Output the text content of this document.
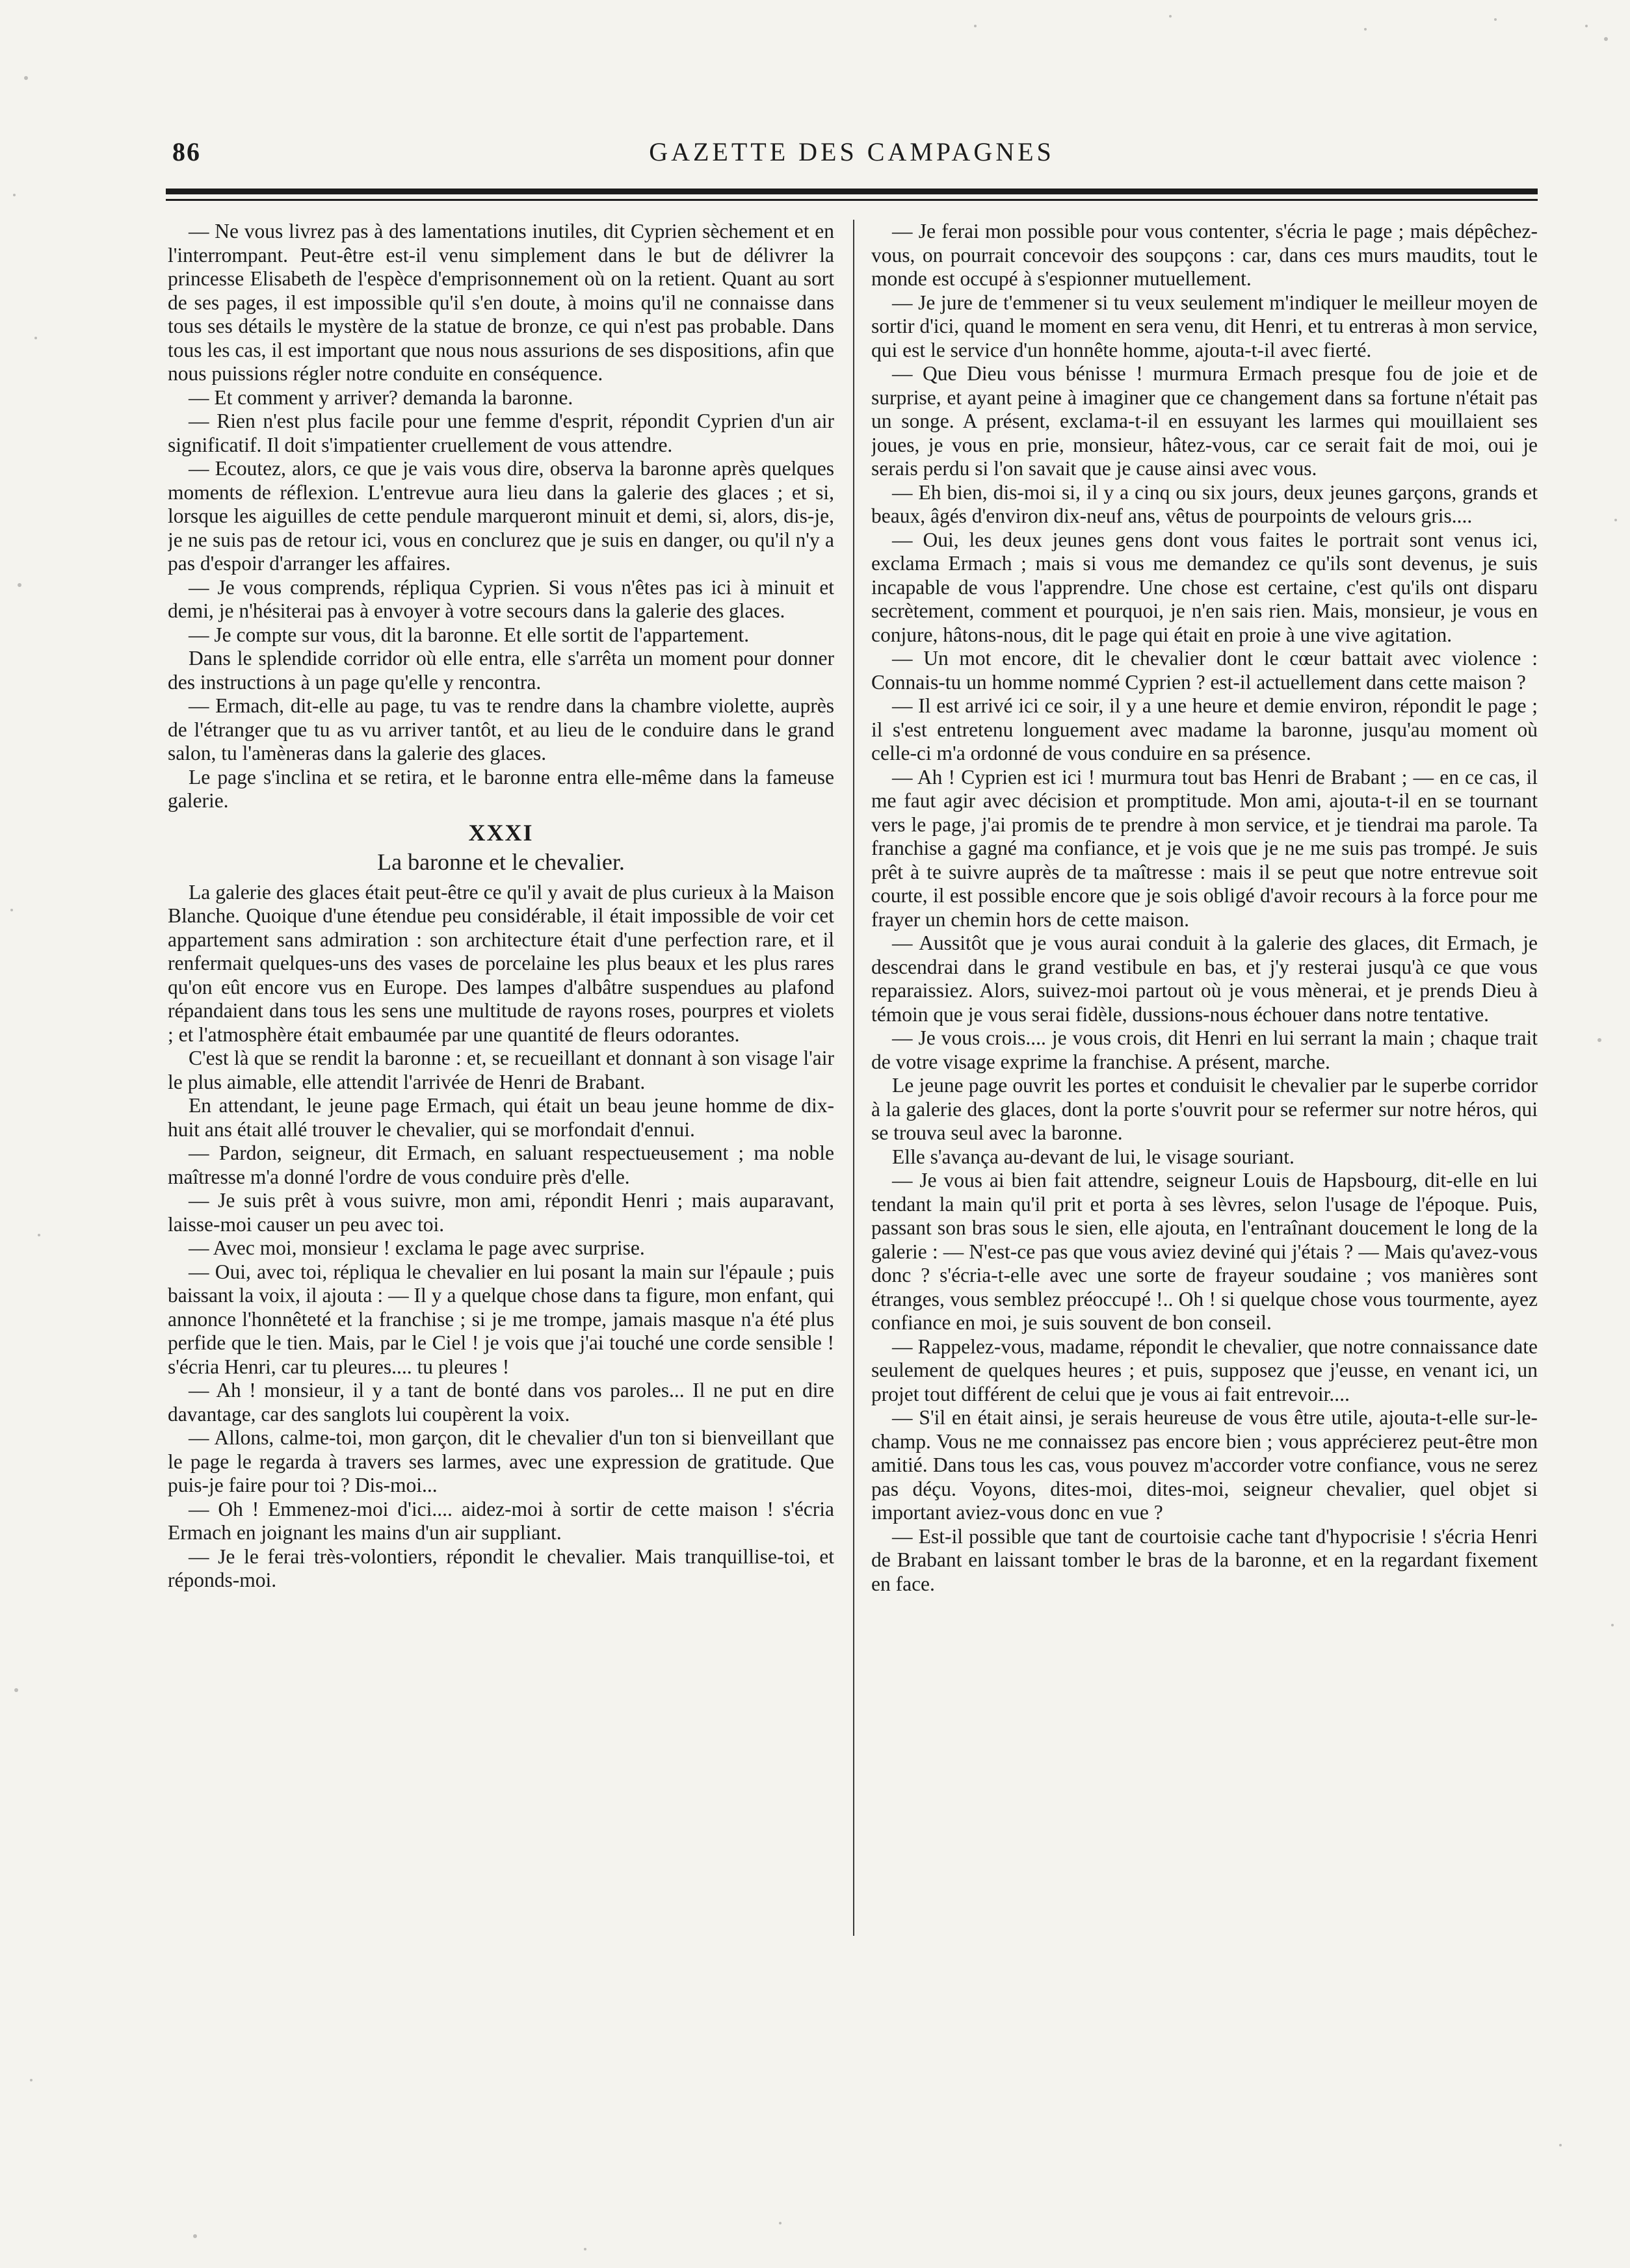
86	GAZETTE DES CAMPAGNES

— Ne vous livrez pas à des lamentations inutiles, dit Cyprien sèchement et en l'interrompant. Peut-être est-il venu simplement dans le but de délivrer la princesse Elisabeth de l'espèce d'emprisonnement où on la retient. Quant au sort de ses pages, il est impossible qu'il s'en doute, à moins qu'il ne connaisse dans tous ses détails le mystère de la statue de bronze, ce qui n'est pas probable. Dans tous les cas, il est important que nous nous assurions de ses dispositions, afin que nous puissions régler notre conduite en conséquence.

— Et comment y arriver? demanda la baronne.

— Rien n'est plus facile pour une femme d'esprit, répondit Cyprien d'un air significatif. Il doit s'impatienter cruellement de vous attendre.

— Ecoutez, alors, ce que je vais vous dire, observa la baronne après quelques moments de réflexion. L'entrevue aura lieu dans la galerie des glaces ; et si, lorsque les aiguilles de cette pendule marqueront minuit et demi, si, alors, dis-je, je ne suis pas de retour ici, vous en conclurez que je suis en danger, ou qu'il n'y a pas d'espoir d'arranger les affaires.

— Je vous comprends, répliqua Cyprien. Si vous n'êtes pas ici à minuit et demi, je n'hésiterai pas à envoyer à votre secours dans la galerie des glaces.

— Je compte sur vous, dit la baronne. Et elle sortit de l'appartement.

Dans le splendide corridor où elle entra, elle s'arrêta un moment pour donner des instructions à un page qu'elle y rencontra.

— Ermach, dit-elle au page, tu vas te rendre dans la chambre violette, auprès de l'étranger que tu as vu arriver tantôt, et au lieu de le conduire dans le grand salon, tu l'amèneras dans la galerie des glaces.

Le page s'inclina et se retira, et le baronne entra elle-même dans la fameuse galerie.

XXXI
La baronne et le chevalier.

La galerie des glaces était peut-être ce qu'il y avait de plus curieux à la Maison Blanche. Quoique d'une étendue peu considérable, il était impossible de voir cet appartement sans admiration : son architecture était d'une perfection rare, et il renfermait quelques-uns des vases de porcelaine les plus beaux et les plus rares qu'on eût encore vus en Europe. Des lampes d'albâtre suspendues au plafond répandaient dans tous les sens une multitude de rayons roses, pourpres et violets ; et l'atmosphère était embaumée par une quantité de fleurs odorantes.

C'est là que se rendit la baronne : et, se recueillant et donnant à son visage l'air le plus aimable, elle attendit l'arrivée de Henri de Brabant.

En attendant, le jeune page Ermach, qui était un beau jeune homme de dix-huit ans était allé trouver le chevalier, qui se morfondait d'ennui.

— Pardon, seigneur, dit Ermach, en saluant respectueusement ; ma noble maîtresse m'a donné l'ordre de vous conduire près d'elle.

— Je suis prêt à vous suivre, mon ami, répondit Henri ; mais auparavant, laisse-moi causer un peu avec toi.

— Avec moi, monsieur ! exclama le page avec surprise.

— Oui, avec toi, répliqua le chevalier en lui posant la main sur l'épaule ; puis baissant la voix, il ajouta : — Il y a quelque chose dans ta figure, mon enfant, qui annonce l'honnêteté et la franchise ; si je me trompe, jamais masque n'a été plus perfide que le tien. Mais, par le Ciel ! je vois que j'ai touché une corde sensible ! s'écria Henri, car tu pleures.... tu pleures !

— Ah ! monsieur, il y a tant de bonté dans vos paroles... Il ne put en dire davantage, car des sanglots lui coupèrent la voix.

— Allons, calme-toi, mon garçon, dit le chevalier d'un ton si bienveillant que le page le regarda à travers ses larmes, avec une expression de gratitude. Que puis-je faire pour toi ? Dis-moi...

— Oh ! Emmenez-moi d'ici.... aidez-moi à sortir de cette maison ! s'écria Ermach en joignant les mains d'un air suppliant.

— Je le ferai très-volontiers, répondit le chevalier. Mais tranquillise-toi, et réponds-moi.

— Je ferai mon possible pour vous contenter, s'écria le page ; mais dépêchez-vous, on pourrait concevoir des soupçons : car, dans ces murs maudits, tout le monde est occupé à s'espionner mutuellement.

— Je jure de t'emmener si tu veux seulement m'indiquer le meilleur moyen de sortir d'ici, quand le moment en sera venu, dit Henri, et tu entreras à mon service, qui est le service d'un honnête homme, ajouta-t-il avec fierté.

— Que Dieu vous bénisse ! murmura Ermach presque fou de joie et de surprise, et ayant peine à imaginer que ce changement dans sa fortune n'était pas un songe. A présent, exclama-t-il en essuyant les larmes qui mouillaient ses joues, je vous en prie, monsieur, hâtez-vous, car ce serait fait de moi, oui je serais perdu si l'on savait que je cause ainsi avec vous.

— Eh bien, dis-moi si, il y a cinq ou six jours, deux jeunes garçons, grands et beaux, âgés d'environ dix-neuf ans, vêtus de pourpoints de velours gris....

— Oui, les deux jeunes gens dont vous faites le portrait sont venus ici, exclama Ermach ; mais si vous me demandez ce qu'ils sont devenus, je suis incapable de vous l'apprendre. Une chose est certaine, c'est qu'ils ont disparu secrètement, comment et pourquoi, je n'en sais rien. Mais, monsieur, je vous en conjure, hâtons-nous, dit le page qui était en proie à une vive agitation.

— Un mot encore, dit le chevalier dont le cœur battait avec violence : Connais-tu un homme nommé Cyprien ? est-il actuellement dans cette maison ?

— Il est arrivé ici ce soir, il y a une heure et demie environ, répondit le page ; il s'est entretenu longuement avec madame la baronne, jusqu'au moment où celle-ci m'a ordonné de vous conduire en sa présence.

— Ah ! Cyprien est ici ! murmura tout bas Henri de Brabant ; — en ce cas, il me faut agir avec décision et promptitude. Mon ami, ajouta-t-il en se tournant vers le page, j'ai promis de te prendre à mon service, et je tiendrai ma parole. Ta franchise a gagné ma confiance, et je vois que je ne me suis pas trompé. Je suis prêt à te suivre auprès de ta maîtresse : mais il se peut que notre entrevue soit courte, il est possible encore que je sois obligé d'avoir recours à la force pour me frayer un chemin hors de cette maison.

— Aussitôt que je vous aurai conduit à la galerie des glaces, dit Ermach, je descendrai dans le grand vestibule en bas, et j'y resterai jusqu'à ce que vous reparaissiez. Alors, suivez-moi partout où je vous mènerai, et je prends Dieu à témoin que je vous serai fidèle, dussions-nous échouer dans notre tentative.

— Je vous crois.... je vous crois, dit Henri en lui serrant la main ; chaque trait de votre visage exprime la franchise. A présent, marche.

Le jeune page ouvrit les portes et conduisit le chevalier par le superbe corridor à la galerie des glaces, dont la porte s'ouvrit pour se refermer sur notre héros, qui se trouva seul avec la baronne.

Elle s'avança au-devant de lui, le visage souriant.

— Je vous ai bien fait attendre, seigneur Louis de Hapsbourg, dit-elle en lui tendant la main qu'il prit et porta à ses lèvres, selon l'usage de l'époque. Puis, passant son bras sous le sien, elle ajouta, en l'entraînant doucement le long de la galerie : — N'est-ce pas que vous aviez deviné qui j'étais ? — Mais qu'avez-vous donc ? s'écria-t-elle avec une sorte de frayeur soudaine ; vos manières sont étranges, vous semblez préoccupé !.. Oh ! si quelque chose vous tourmente, ayez confiance en moi, je suis souvent de bon conseil.

— Rappelez-vous, madame, répondit le chevalier, que notre connaissance date seulement de quelques heures ; et puis, supposez que j'eusse, en venant ici, un projet tout différent de celui que je vous ai fait entrevoir....

— S'il en était ainsi, je serais heureuse de vous être utile, ajouta-t-elle sur-le-champ. Vous ne me connaissez pas encore bien ; vous apprécierez peut-être mon amitié. Dans tous les cas, vous pouvez m'accorder votre confiance, vous ne serez pas déçu. Voyons, dites-moi, dites-moi, seigneur chevalier, quel objet si important aviez-vous donc en vue ?

— Est-il possible que tant de courtoisie cache tant d'hypocrisie ! s'écria Henri de Brabant en laissant tomber le bras de la baronne, et en la regardant fixement en face.
